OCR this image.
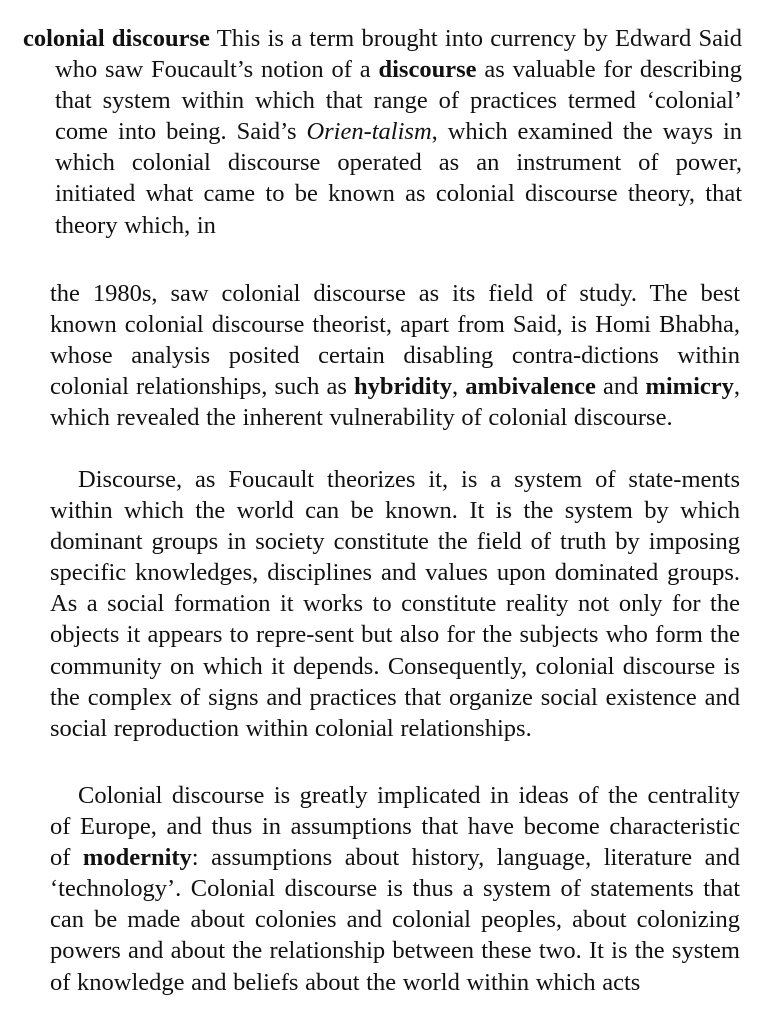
colonial discourse This is a term brought into currency by Edward Said who saw Foucault’s notion of a discourse as valuable for describing that system within which that range of practices termed ‘colonial’ come into being. Said’s Orien-talism, which examined the ways in which colonial discourse operated as an instrument of power, initiated what came to be known as colonial discourse theory, that theory which, in

the 1980s, saw colonial discourse as its field of study. The best known colonial discourse theorist, apart from Said, is Homi Bhabha, whose analysis posited certain disabling contra-dictions within colonial relationships, such as hybridity, ambivalence and mimicry, which revealed the inherent vulnerability of colonial discourse.

Discourse, as Foucault theorizes it, is a system of state-ments within which the world can be known. It is the system by which dominant groups in society constitute the field of truth by imposing specific knowledges, disciplines and values upon dominated groups. As a social formation it works to constitute reality not only for the objects it appears to repre-sent but also for the subjects who form the community on which it depends. Consequently, colonial discourse is the complex of signs and practices that organize social existence and social reproduction within colonial relationships.

Colonial discourse is greatly implicated in ideas of the centrality of Europe, and thus in assumptions that have become characteristic of modernity: assumptions about history, language, literature and ‘technology’. Colonial discourse is thus a system of statements that can be made about colonies and colonial peoples, about colonizing powers and about the relationship between these two. It is the system of knowledge and beliefs about the world within which acts
